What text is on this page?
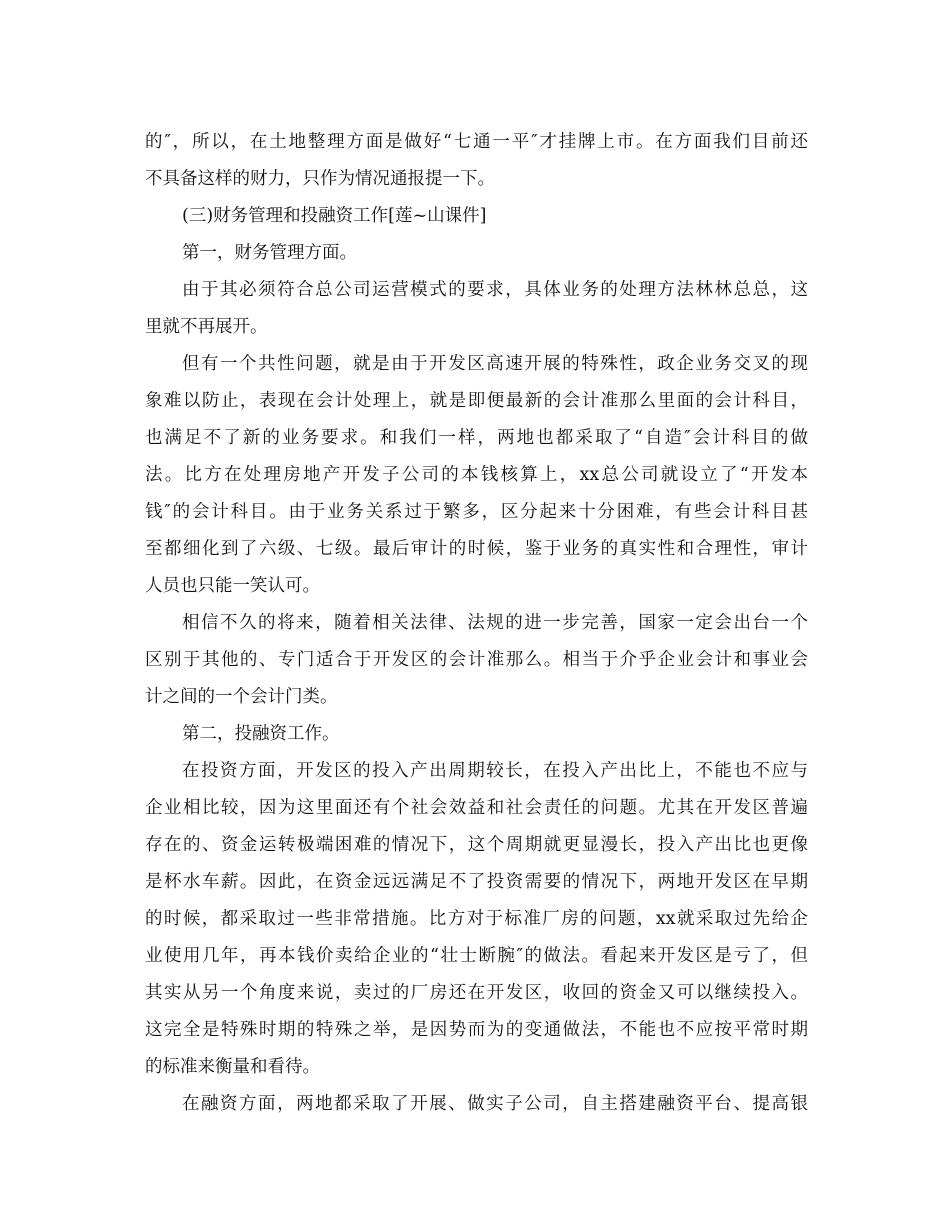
的″，所以，在土地整理方面是做好“七通一平″才挂牌上市。在方面我们目前还
不具备这样的财力，只作为情况通报提一下。
(三)财务管理和投融资工作[莲~山课件]
第一，财务管理方面。
由于其必须符合总公司运营模式的要求，具体业务的处理方法林林总总，这
里就不再展开。
但有一个共性问题，就是由于开发区高速开展的特殊性，政企业务交叉的现
象难以防止，表现在会计处理上，就是即便最新的会计准那么里面的会计科目，
也满足不了新的业务要求。和我们一样，两地也都采取了“自造″会计科目的做
法。比方在处理房地产开发子公司的本钱核算上，xx总公司就设立了“开发本
钱″的会计科目。由于业务关系过于繁多，区分起来十分困难，有些会计科目甚
至都细化到了六级、七级。最后审计的时候，鉴于业务的真实性和合理性，审计
人员也只能一笑认可。
相信不久的将来，随着相关法律、法规的进一步完善，国家一定会出台一个
区别于其他的、专门适合于开发区的会计准那么。相当于介乎企业会计和事业会
计之间的一个会计门类。
第二，投融资工作。
在投资方面，开发区的投入产出周期较长，在投入产出比上，不能也不应与
企业相比较，因为这里面还有个社会效益和社会责任的问题。尤其在开发区普遍
存在的、资金运转极端困难的情况下，这个周期就更显漫长，投入产出比也更像
是杯水车薪。因此，在资金远远满足不了投资需要的情况下，两地开发区在早期
的时候，都采取过一些非常措施。比方对于标准厂房的问题，xx就采取过先给企
业使用几年，再本钱价卖给企业的“壮士断腕″的做法。看起来开发区是亏了，但
其实从另一个角度来说，卖过的厂房还在开发区，收回的资金又可以继续投入。
这完全是特殊时期的特殊之举，是因势而为的变通做法，不能也不应按平常时期
的标准来衡量和看待。
在融资方面，两地都采取了开展、做实子公司，自主搭建融资平台、提高银
